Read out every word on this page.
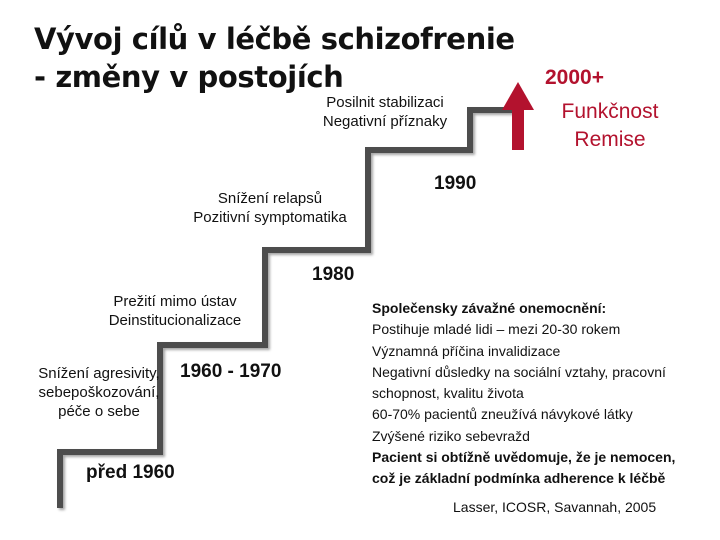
Vývoj cílů v léčbě schizofrenie
- změny v postojích
Snížení agresivity,
sebepoškozování,
péče o sebe
před 1960
Prežití mimo ústav
Deinstitucionalizace
1960 - 1970
Snížení relapsů
Pozitivní symptomatika
1980
Posilnit stabilizaci
Negativní příznaky
1990
2000+
Funkčnost
Remise
Společensky závažné onemocnění:
Postihuje mladé lidi – mezi 20-30 rokem
Významná příčina invalidizace
Negativní důsledky na sociální vztahy, pracovní
schopnost, kvalitu života
60-70% pacientů zneužívá návykové látky
Zvýšené riziko sebevražd
Pacient si obtížně uvědomuje, že je nemocen,
což je základní podmínka adherence k léčbě
Lasser, ICOSR, Savannah, 2005
